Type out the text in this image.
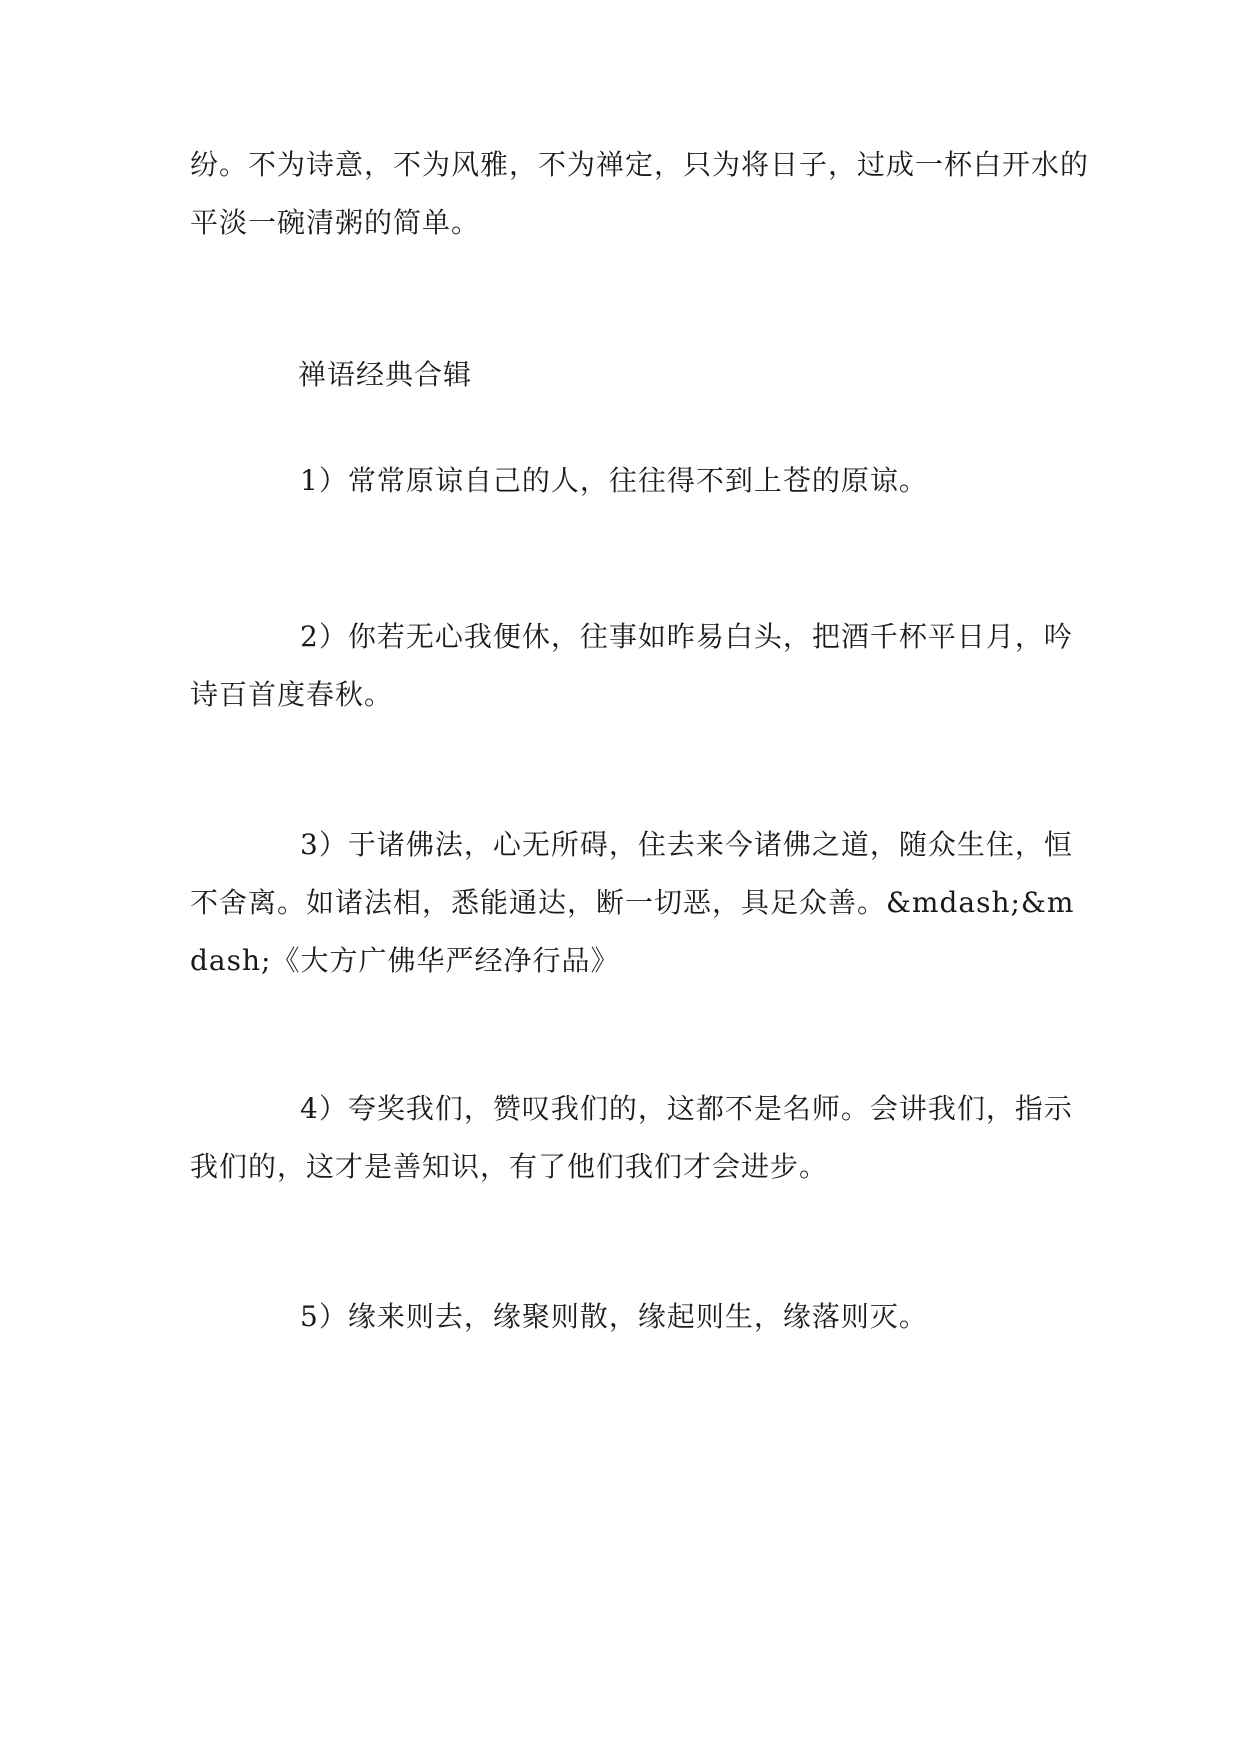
纷。不为诗意，不为风雅，不为禅定，只为将日子，过成一杯白开水的平淡一碗清粥的简单。

禅语经典合辑

1）常常原谅自己的人，往往得不到上苍的原谅。

2）你若无心我便休，往事如昨易白头，把酒千杯平日月，吟诗百首度春秋。

3）于诸佛法，心无所碍，住去来今诸佛之道，随众生住，恒不舍离。如诸法相，悉能通达，断一切恶，具足众善。&mdash;&mdash;《大方广佛华严经净行品》

4）夸奖我们，赞叹我们的，这都不是名师。会讲我们，指示我们的，这才是善知识，有了他们我们才会进步。

5）缘来则去，缘聚则散，缘起则生，缘落则灭。
